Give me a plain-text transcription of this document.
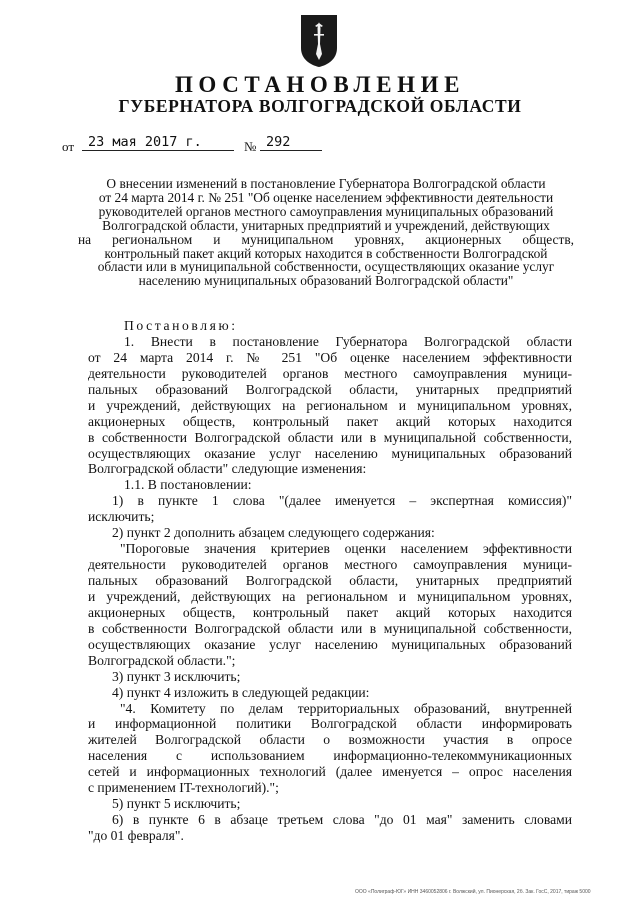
ПОСТАНОВЛЕНИЕ
ГУБЕРНАТОРА ВОЛГОГРАДСКОЙ ОБЛАСТИ
от	23 мая 2017 г.	№ 292

О внесении изменений в постановление Губернатора Волгоградской области

от 24 марта 2014 г. № 251 "Об оценке населением эффективности деятельности

руководителей органов местного самоуправления муниципальных образований

Волгоградской области, унитарных предприятий и учреждений, действующих

на региональном и муниципальном уровнях, акционерных обществ,

контрольный пакет акций которых находится в собственности Волгоградской

области или в муниципальной собственности, осуществляющих оказание услуг

населению муниципальных образований Волгоградской области"

Постановляю:
1. Внести в постановление Губернатора Волгоградской области
от 24 марта 2014 г. № 251 "Об оценке населением эффективности
деятельности руководителей органов местного самоуправления муници-
пальных образований Волгоградской области, унитарных предприятий
и учреждений, действующих на региональном и муниципальном уровнях,
акционерных обществ, контрольный пакет акций которых находится
в собственности Волгоградской области или в муниципальной собственности,
осуществляющих оказание услуг населению муниципальных образований
Волгоградской области" следующие изменения:
1.1. В постановлении:
1) в пункте 1 слова "(далее именуется – экспертная комиссия)"
исключить;
2) пункт 2 дополнить абзацем следующего содержания:
"Пороговые значения критериев оценки населением эффективности
деятельности руководителей органов местного самоуправления муници-
пальных образований Волгоградской области, унитарных предприятий
и учреждений, действующих на региональном и муниципальном уровнях,
акционерных обществ, контрольный пакет акций которых находится
в собственности Волгоградской области или в муниципальной собственности,
осуществляющих оказание услуг населению муниципальных образований
Волгоградской области.";
3) пункт 3 исключить;
4) пункт 4 изложить в следующей редакции:
"4. Комитету по делам территориальных образований, внутренней
и информационной политики Волгоградской области информировать
жителей Волгоградской области о возможности участия в опросе
населения с использованием информационно-телекоммуникационных
сетей и информационных технологий (далее именуется – опрос населения
с применением IT-технологий).";
5) пункт 5 исключить;
6) в пункте 6 в абзаце третьем слова "до 01 мая" заменить словами
"до 01 февраля".
ООО «Полиграф-ЮГ» ИНН 3460052806 г. Волжский, ул. Пионерская, 2б. Зак. ГосС, 2017, тираж 5000
